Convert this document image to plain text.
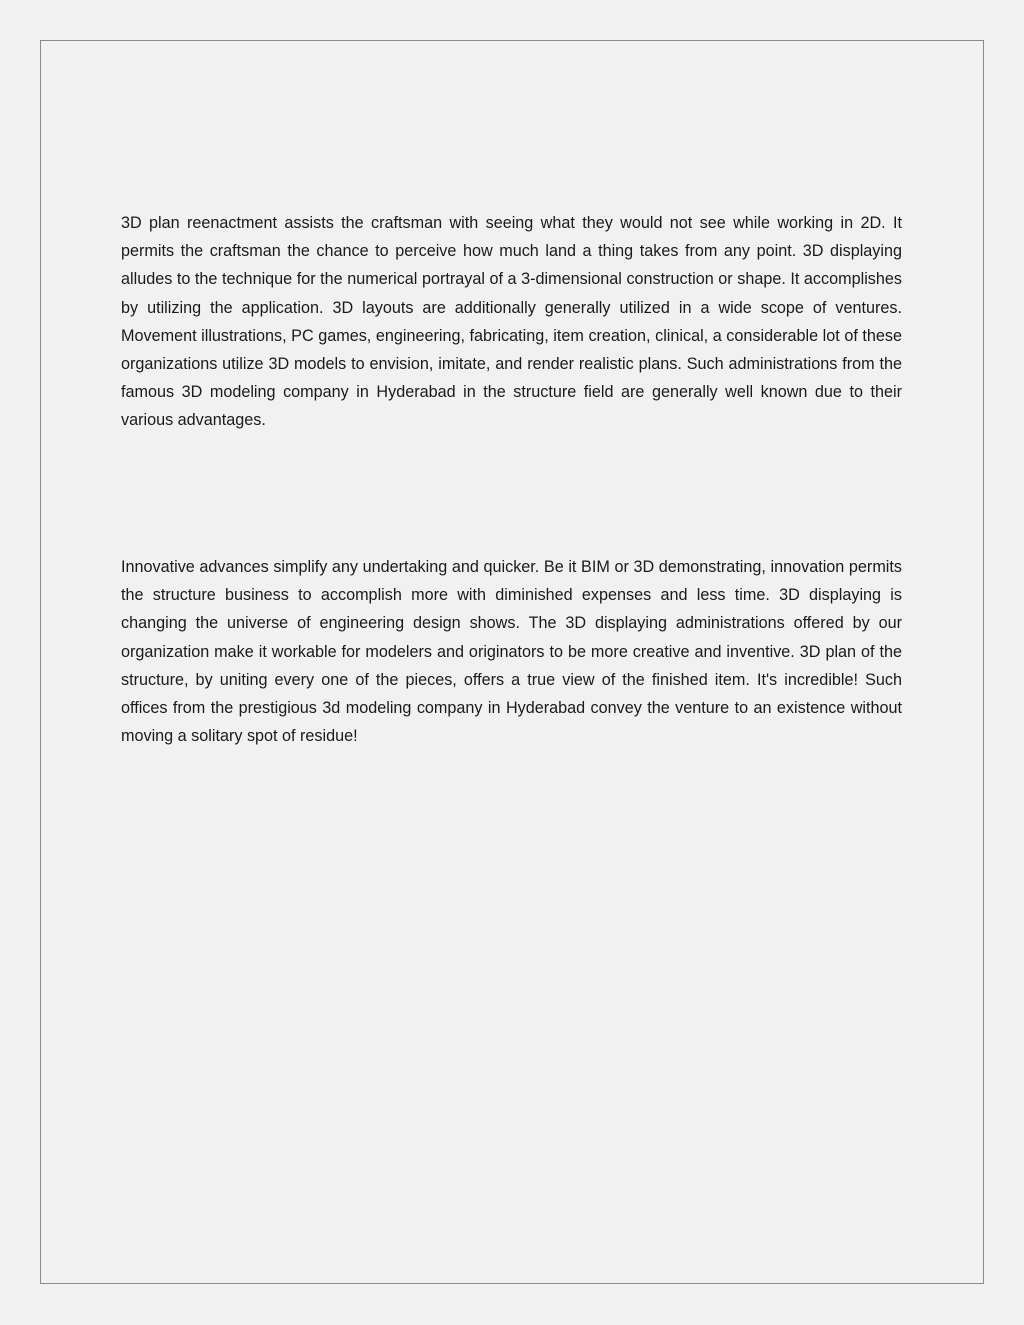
3D plan reenactment assists the craftsman with seeing what they would not see while working in 2D. It permits the craftsman the chance to perceive how much land a thing takes from any point. 3D displaying alludes to the technique for the numerical portrayal of a 3-dimensional construction or shape. It accomplishes by utilizing the application. 3D layouts are additionally generally utilized in a wide scope of ventures. Movement illustrations, PC games, engineering, fabricating, item creation, clinical, a considerable lot of these organizations utilize 3D models to envision, imitate, and render realistic plans. Such administrations from the famous 3D modeling company in Hyderabad in the structure field are generally well known due to their various advantages.

Innovative advances simplify any undertaking and quicker. Be it BIM or 3D demonstrating, innovation permits the structure business to accomplish more with diminished expenses and less time. 3D displaying is changing the universe of engineering design shows. The 3D displaying administrations offered by our organization make it workable for modelers and originators to be more creative and inventive. 3D plan of the structure, by uniting every one of the pieces, offers a true view of the finished item. It's incredible! Such offices from the prestigious 3d modeling company in Hyderabad convey the venture to an existence without moving a solitary spot of residue!
